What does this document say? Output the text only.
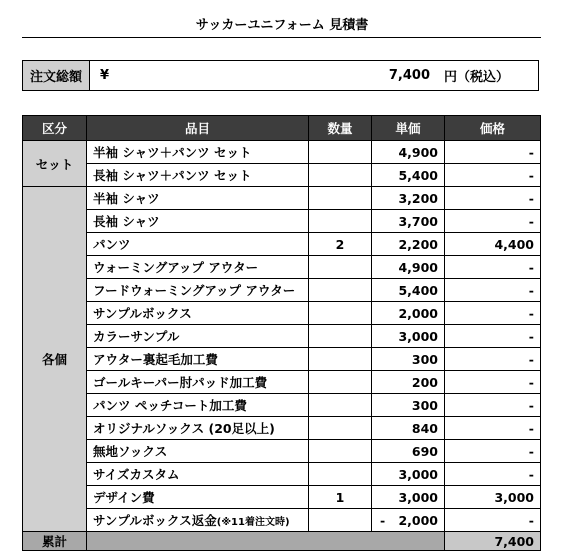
サッカーユニフォーム 見積書
注文総額	¥	7,400	円（税込）
区分	品目	数量	単価	価格
セット	半袖 シャツ＋パンツ セット		4,900	-
	長袖 シャツ＋パンツ セット		5,400	-
各個	半袖 シャツ		3,200	-
	長袖 シャツ		3,700	-
	パンツ	2	2,200	4,400
	ウォーミングアップ アウター		4,900	-
	フードウォーミングアップ アウター		5,400	-
	サンプルボックス		2,000	-
	カラーサンプル		3,000	-
	アウター裏起毛加工費		300	-
	ゴールキーパー肘パッド加工費		200	-
	パンツ ペッチコート加工費		300	-
	オリジナルソックス (20足以上)		840	-
	無地ソックス		690	-
	サイズカスタム		3,000	-
	デザイン費	1	3,000	3,000
	サンプルボックス返金(※11着注文時)		- 2,000	-
累計				7,400
